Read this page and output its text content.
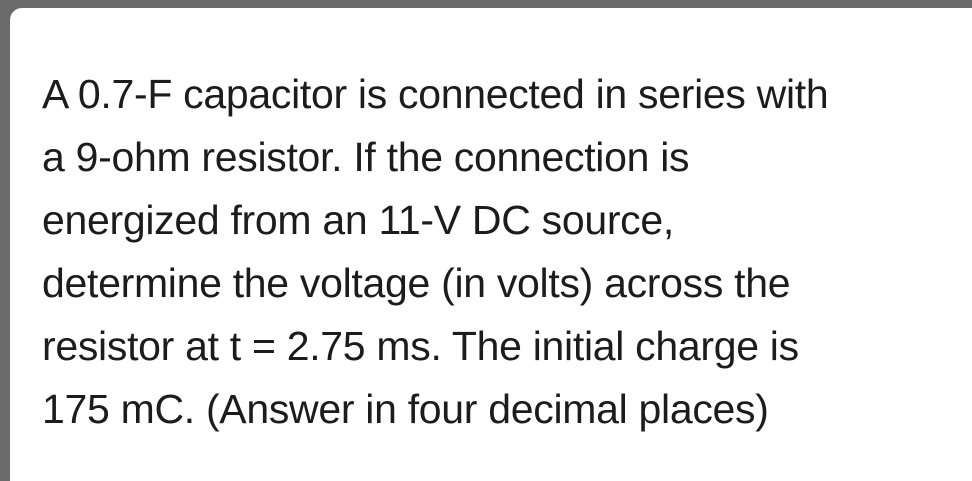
A 0.7-F capacitor is connected in series with
a 9-ohm resistor. If the connection is
energized from an 11-V DC source,
determine the voltage (in volts) across the
resistor at t = 2.75 ms. The initial charge is
175 mC. (Answer in four decimal places)
